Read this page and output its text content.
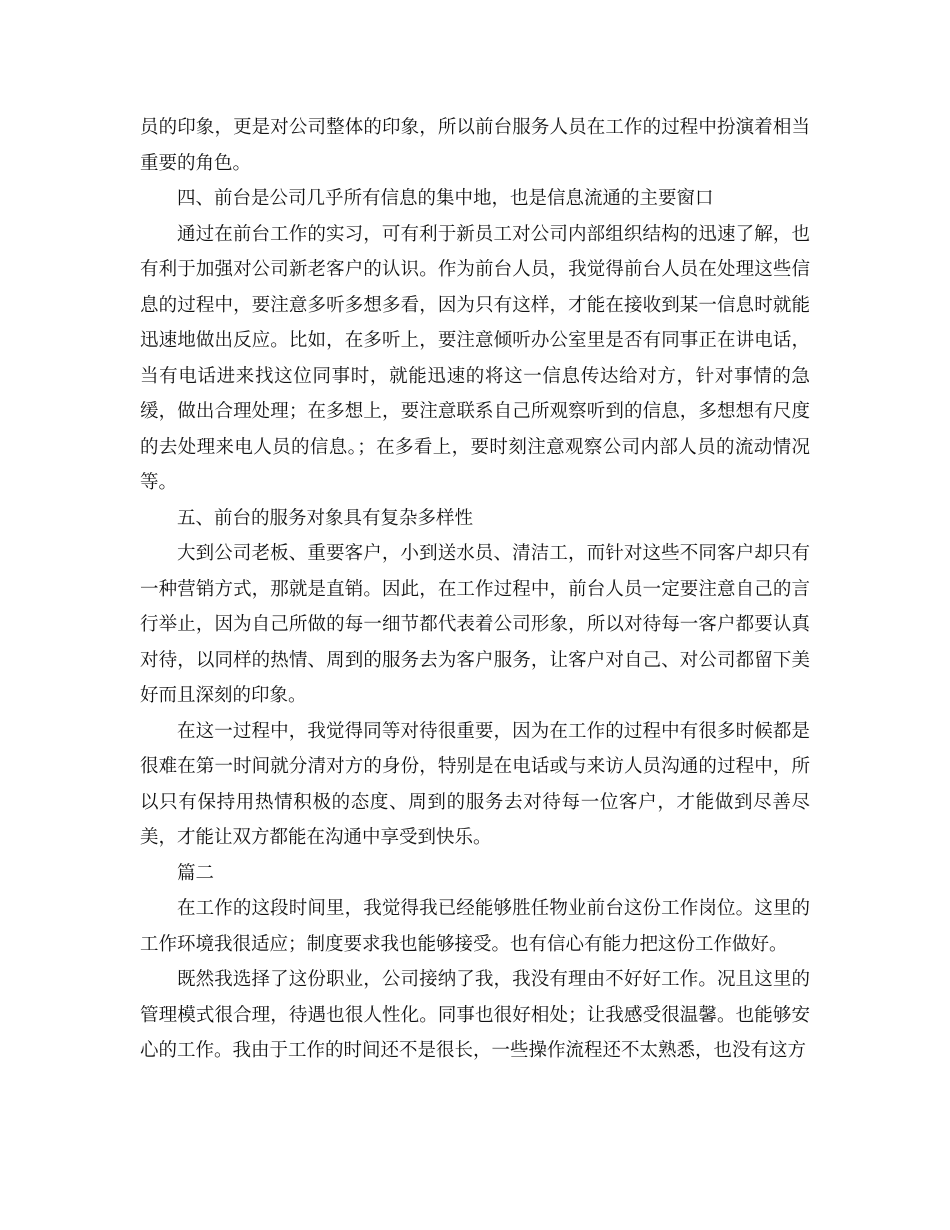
员的印象，更是对公司整体的印象，所以前台服务人员在工作的过程中扮演着相当重要的角色。

四、前台是公司几乎所有信息的集中地，也是信息流通的主要窗口

通过在前台工作的实习，可有利于新员工对公司内部组织结构的迅速了解，也有利于加强对公司新老客户的认识。作为前台人员，我觉得前台人员在处理这些信息的过程中，要注意多听多想多看，因为只有这样，才能在接收到某一信息时就能迅速地做出反应。比如，在多听上，要注意倾听办公室里是否有同事正在讲电话，当有电话进来找这位同事时，就能迅速的将这一信息传达给对方，针对事情的急缓，做出合理处理；在多想上，要注意联系自己所观察听到的信息，多想想有尺度的去处理来电人员的信息。；在多看上，要时刻注意观察公司内部人员的流动情况等。

五、前台的服务对象具有复杂多样性

大到公司老板、重要客户，小到送水员、清洁工，而针对这些不同客户却只有一种营销方式，那就是直销。因此，在工作过程中，前台人员一定要注意自己的言行举止，因为自己所做的每一细节都代表着公司形象，所以对待每一客户都要认真对待，以同样的热情、周到的服务去为客户服务，让客户对自己、对公司都留下美好而且深刻的印象。

在这一过程中，我觉得同等对待很重要，因为在工作的过程中有很多时候都是很难在第一时间就分清对方的身份，特别是在电话或与来访人员沟通的过程中，所以只有保持用热情积极的态度、周到的服务去对待每一位客户，才能做到尽善尽美，才能让双方都能在沟通中享受到快乐。

篇二

在工作的这段时间里，我觉得我已经能够胜任物业前台这份工作岗位。这里的工作环境我很适应；制度要求我也能够接受。也有信心有能力把这份工作做好。

既然我选择了这份职业，公司接纳了我，我没有理由不好好工作。况且这里的管理模式很合理，待遇也很人性化。同事也很好相处；让我感受很温馨。也能够安心的工作。我由于工作的时间还不是很长，一些操作流程还不太熟悉，也没有这方
